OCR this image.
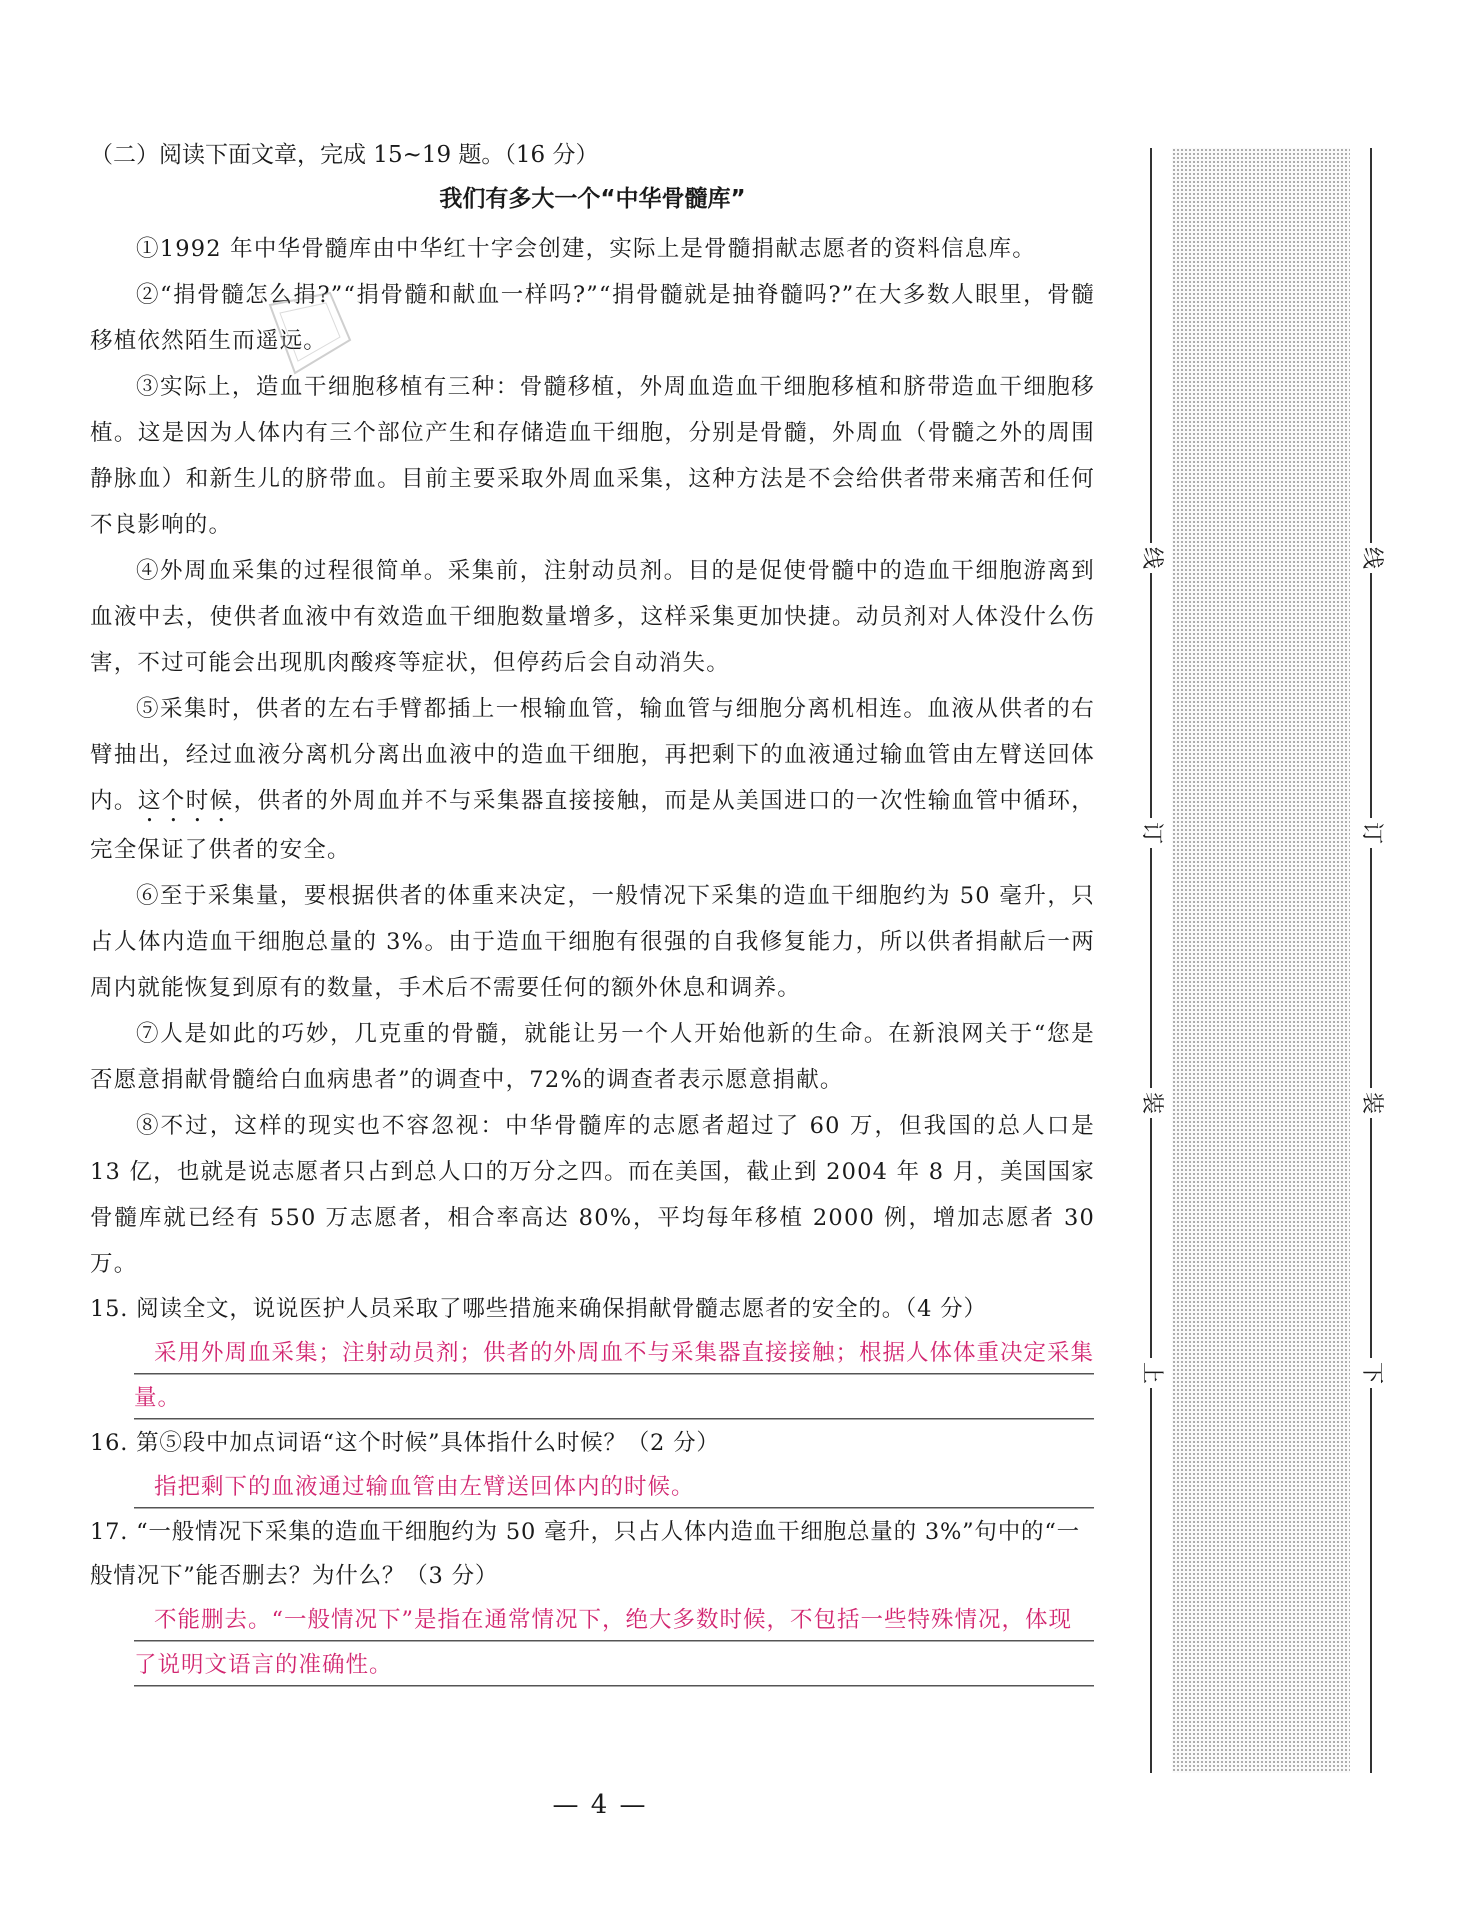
（二）阅读下面文章，完成 15~19 题。（16 分）
我们有多大一个“中华骨髓库”

①1992 年中华骨髓库由中华红十字会创建，实际上是骨髓捐献志愿者的资料信息库。

②“捐骨髓怎么捐?”“捐骨髓和献血一样吗?”“捐骨髓就是抽脊髓吗?”在大多数人眼里，骨髓移植依然陌生而遥远。

③实际上，造血干细胞移植有三种：骨髓移植，外周血造血干细胞移植和脐带造血干细胞移植。这是因为人体内有三个部位产生和存储造血干细胞，分别是骨髓，外周血（骨髓之外的周围静脉血）和新生儿的脐带血。目前主要采取外周血采集，这种方法是不会给供者带来痛苦和任何不良影响的。

④外周血采集的过程很简单。采集前，注射动员剂。目的是促使骨髓中的造血干细胞游离到血液中去，使供者血液中有效造血干细胞数量增多，这样采集更加快捷。动员剂对人体没什么伤害，不过可能会出现肌肉酸疼等症状，但停药后会自动消失。

⑤采集时，供者的左右手臂都插上一根输血管，输血管与细胞分离机相连。血液从供者的右臂抽出，经过血液分离机分离出血液中的造血干细胞，再把剩下的血液通过输血管由左臂送回体内。这个时候，供者的外周血并不与采集器直接接触，而是从美国进口的一次性输血管中循环，完全保证了供者的安全。

⑥至于采集量，要根据供者的体重来决定，一般情况下采集的造血干细胞约为 50 毫升，只占人体内造血干细胞总量的 3%。由于造血干细胞有很强的自我修复能力，所以供者捐献后一两周内就能恢复到原有的数量，手术后不需要任何的额外休息和调养。

⑦人是如此的巧妙，几克重的骨髓，就能让另一个人开始他新的生命。在新浪网关于“您是否愿意捐献骨髓给白血病患者”的调查中，72%的调查者表示愿意捐献。

⑧不过，这样的现实也不容忽视：中华骨髓库的志愿者超过了 60 万，但我国的总人口是 13 亿，也就是说志愿者只占到总人口的万分之四。而在美国，截止到 2004 年 8 月，美国国家骨髓库就已经有 550 万志愿者，相合率高达 80%，平均每年移植 2000 例，增加志愿者 30 万。

15. 阅读全文，说说医护人员采取了哪些措施来确保捐献骨髓志愿者的安全的。（4 分）

采用外周血采集；注射动员剂；供者的外周血不与采集器直接接触；根据人体体重决定采集量。

16. 第⑤段中加点词语“这个时候”具体指什么时候？（2 分）

指把剩下的血液通过输血管由左臂送回体内的时候。

17. “一般情况下采集的造血干细胞约为 50 毫升，只占人体内造血干细胞总量的 3%”句中的“一般情况下”能否删去？为什么？（3 分）

不能删去。“一般情况下”是指在通常情况下，绝大多数时候，不包括一些特殊情况，体现了说明文语言的准确性。
— 4 —
线
订
装
上
线
订
装
下
